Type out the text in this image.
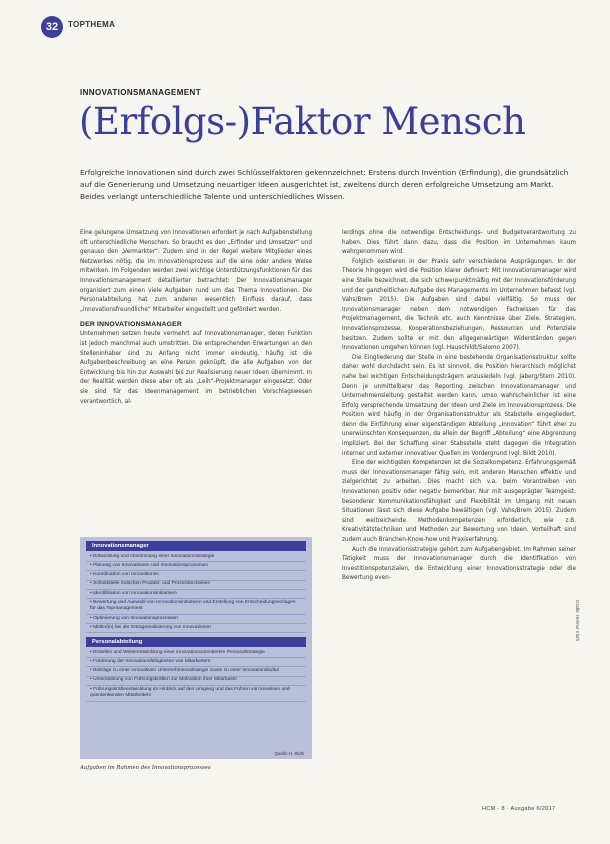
32	TOPTHEMA
INNOVATIONSMANAGEMENT
(Erfolgs-)Faktor Mensch
Erfolgreiche Innovationen sind durch zwei Schlüsselfaktoren gekennzeichnet: Erstens durch Invention (Erfindung), die grundsätzlich auf die Generierung und Umsetzung neuartiger Ideen ausgerichtet ist, zweitens durch deren erfolgreiche Umsetzung am Markt. Beides verlangt unterschiedliche Talente und unterschiedliches Wissen.

Eine gelungene Umsetzung von Innovationen erfordert je nach Aufgabenstellung oft unterschiedliche Menschen. So braucht es den „Erfinder und Umsetzer“ und genauso den „Vermarkter“. Zudem sind in der Regel weitere Mitglieder eines Netzwerkes nötig, die im Innovationsprozess auf die eine oder andere Weise mitwirken. Im Folgenden werden zwei wichtige Unterstützungsfunktionen für das Innovationsmanagement detaillierter betrachtet: Der Innovationsmanager organisiert zum einen viele Aufgaben rund um das Thema Innovationen. Die Personalabteilung hat zum anderen wesentlich Einfluss darauf, dass „innovationsfreundliche“ Mitarbeiter eingestellt und gefördert werden.

DER INNOVATIONSMANAGER

Unternehmen setzen heute vermehrt auf Innovationsmanager, deren Funktion ist jedoch manchmal auch umstritten. Die entsprechenden Erwartungen an den Stelleninhaber sind zu Anfang nicht immer eindeutig, häufig ist die Aufgabenbeschreibung an eine Person geknüpft, die alle Aufgaben von der Entwicklung bis hin zur Auswahl bis zur Realisierung neuer Ideen übernimmt. In der Realität werden diese aber oft als „Leih“-Projektmanager eingesetzt. Oder sie sind für das Ideenmanagement im betrieblichen Vorschlagswesen verantwortlich, al-

Innovationsmanager
• Entwicklung und Abstimmung einer Innovationsstrategie
• Planung von Innovationen und Innovationsprozessen
• Koordination von Innovationen
• Schnittstelle zwischen Produkt- und Prozesstechniken
• Identifikation von Innovationsinitiativen
• Bewertung und Auswahl von Innovationsinitiativen und Erstellung von Entscheidungsvorlagen für das Topmanagement
• Optimierung von Innovationsprozessen
• Mittler(in) bei der Ertragsrealisierung von Innovationen
Personalabteilung
• Erstellen und Weiterentwicklung einer innovationsorientierten Personalstrategie
• Förderung der Innovationsfähigkeiten von Mitarbeitern
• Beiträge zu einer innovativen Unternehmensstrategie sowie zu einer Innovationskultur
• Unterstützung von Führungskräften zur Motivation ihrer Mitarbeiter
• Führungskräfteentwicklung im Hinblick auf den Umgang und das Führen von kreativen und querdenkenden Mitarbeitern
Quelle: H. Kluth
Aufgaben im Rahmen des Innovationsprozesses

lerdings ohne die notwendige Entscheidungs- und Budgetverantwortung zu haben. Dies führt dann dazu, dass die Position im Unternehmen kaum wahrgenommen wird.

Folglich existieren in der Praxis sehr verschiedene Ausprägungen. In der Theorie hingegen wird die Position klarer definiert: Mit Innovationsmanager wird eine Stelle bezeichnet, die sich schwerpunktmäßig mit der Innovationsförderung und der ganzheitlichen Aufgabe des Managements im Unternehmen befasst (vgl. Vahs/Brem 2015). Die Aufgaben sind dabei vielfältig. So muss der Innovationsmanager neben dem notwendigen Fachwissen für das Projektmanagement, die Technik etc. auch Kenntnisse über Ziele, Strategien, Innovationsprozesse, Kooperationsbeziehungen, Ressourcen und Potenziale besitzen. Zudem sollte er mit den allgegenwärtigen Widerständen gegen Innovationen umgehen können (vgl. Hauschildt/Salomo 2007).

Die Eingliederung der Stelle in eine bestehende Organisationsstruktur sollte daher wohl durchdacht sein. Es ist sinnvoll, die Position hierarchisch möglichst nahe bei wichtigen Entscheidungsträgern anzusiedeln (vgl. Jaberg/Stern 2010). Denn je unmittelbarer das Reporting zwischen Innovationsmanager und Unternehmensleitung gestaltet werden kann, umso wahrscheinlicher ist eine Erfolg versprechende Umsetzung der Ideen und Ziele im Innovationsprozess. Die Position wird häufig in der Organisationsstruktur als Stabstelle eingegliedert, denn die Einführung einer eigenständigen Abteilung „Innovation“ führt eher zu unerwünschten Konsequenzen, da allein der Begriff „Abteilung“ eine Abgrenzung impliziert. Bei der Schaffung einer Stabsstelle steht dagegen die Integration interner und externer innovativer Quellen im Vordergrund (vgl. Bildt 2010).

Eine der wichtigsten Kompetenzen ist die Sozialkompetenz. Erfahrungsgemäß muss der Innovationsmanager fähig sein, mit anderen Menschen effektiv und zielgerichtet zu arbeiten. Dies macht sich v.a. beim Vorantreiben von Innovationen positiv oder negativ bemerkbar. Nur mit ausgeprägter Teamgeist, besonderer Kommunikationsfähigkeit und Flexibilität im Umgang mit neuen Situationen lässt sich diese Aufgabe bewältigen (vgl. Vahs/Brem 2015). Zudem sind weitreichende Methodenkompetenzen erforderlich, wie z.B. Kreativitätstechniken und Methoden zur Bewertung von Ideen. Vorteilhaft sind zudem auch Branchen-Know-how und Praxiserfahrung.

Auch die Innovationsstrategie gehört zum Aufgabengebiet. Im Rahmen seiner Tätigkeit muss der Innovationsmanager durch die Identifikation von Investitionspotenzialen, die Entwicklung einer Innovationsstrategie oder die Bewertung even-

Grafik: Helmut Kluth
HCM · 8 · Ausgabe 6/2017
